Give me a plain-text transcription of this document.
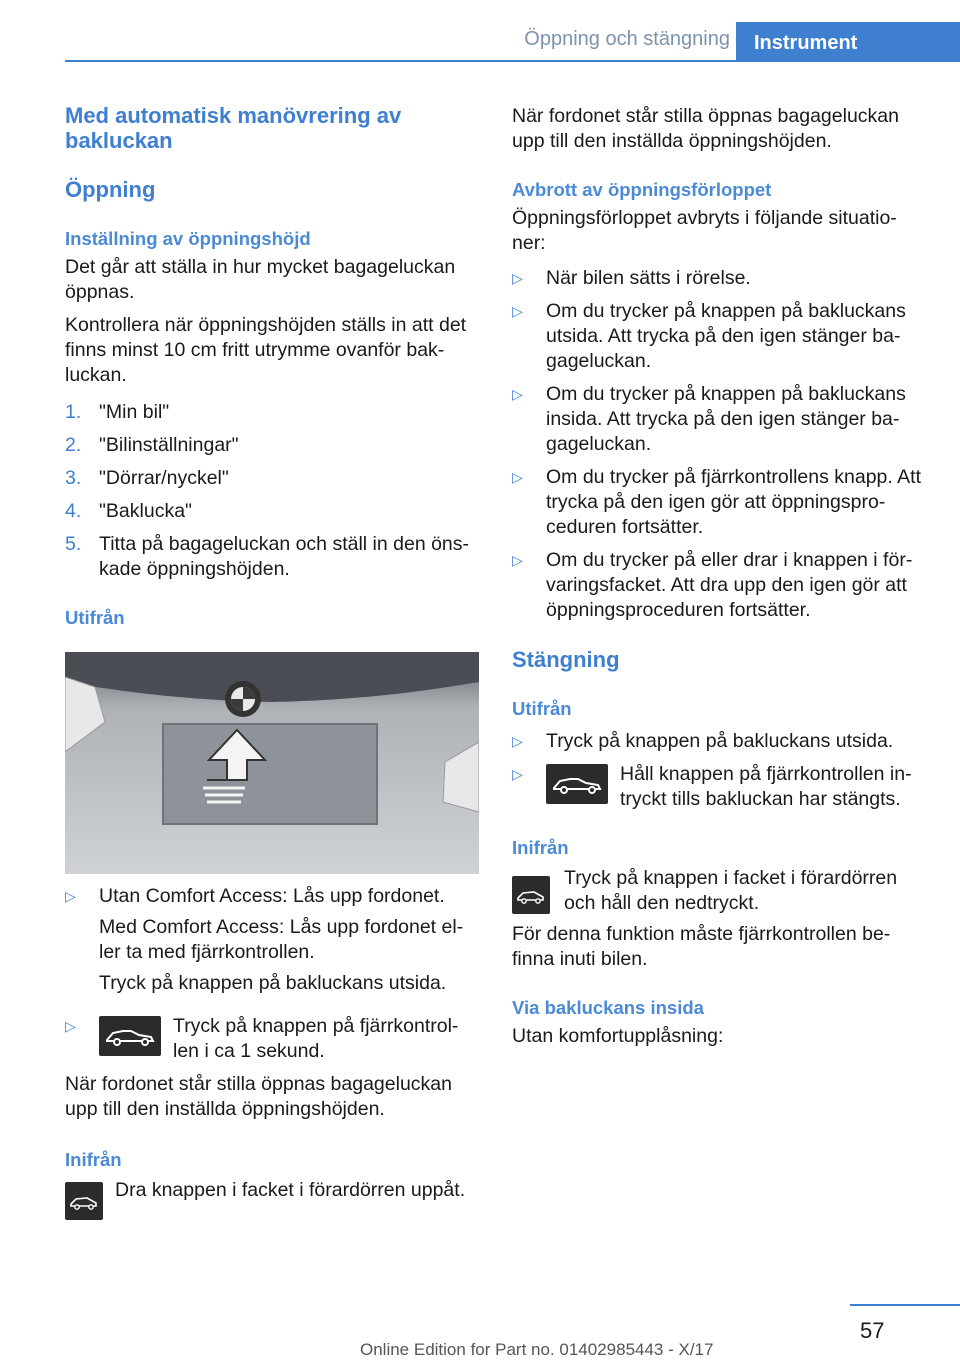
Öppning och stängning	Instrument
Med automatisk manövrering av bakluckan
Öppning
Inställning av öppningshöjd
Det går att ställa in hur mycket bagageluckan öppnas.
Kontrollera när öppningshöjden ställs in att det finns minst 10 cm fritt utrymme ovanför bak-luckan.
1. "Min bil"
2. "Bilinställningar"
3. "Dörrar/nyckel"
4. "Baklucka"
5. Titta på bagageluckan och ställ in den öns-kade öppningshöjden.
Utifrån
▷	Utan Comfort Access: Lås upp fordonet.
Med Comfort Access: Lås upp fordonet el-ler ta med fjärrkontrollen.
Tryck på knappen på bakluckans utsida.
▷	Tryck på knappen på fjärrkontrol-len i ca 1 sekund.
När fordonet står stilla öppnas bagageluckan upp till den inställda öppningshöjden.
Inifrån
Dra knappen i facket i förardörren uppåt.
När fordonet står stilla öppnas bagageluckan upp till den inställda öppningshöjden.
Avbrott av öppningsförloppet
Öppningsförloppet avbryts i följande situatio-ner:
▷	När bilen sätts i rörelse.
▷	Om du trycker på knappen på bakluckans utsida. Att trycka på den igen stänger ba-gageluckan.
▷	Om du trycker på knappen på bakluckans insida. Att trycka på den igen stänger ba-gageluckan.
▷	Om du trycker på fjärrkontrollens knapp. Att trycka på den igen gör att öppningspro-ceduren fortsätter.
▷	Om du trycker på eller drar i knappen i för-varingsfacket. Att dra upp den igen gör att öppningsproceduren fortsätter.
Stängning
Utifrån
▷	Tryck på knappen på bakluckans utsida.
▷	Håll knappen på fjärrkontrollen in-tryckt tills bakluckan har stängts.
Inifrån
Tryck på knappen i facket i förardörren och håll den nedtryckt.
För denna funktion måste fjärrkontrollen be-finna inuti bilen.
Via bakluckans insida
Utan komfortupplåsning:
57
Online Edition for Part no. 01402985443 - X/17
